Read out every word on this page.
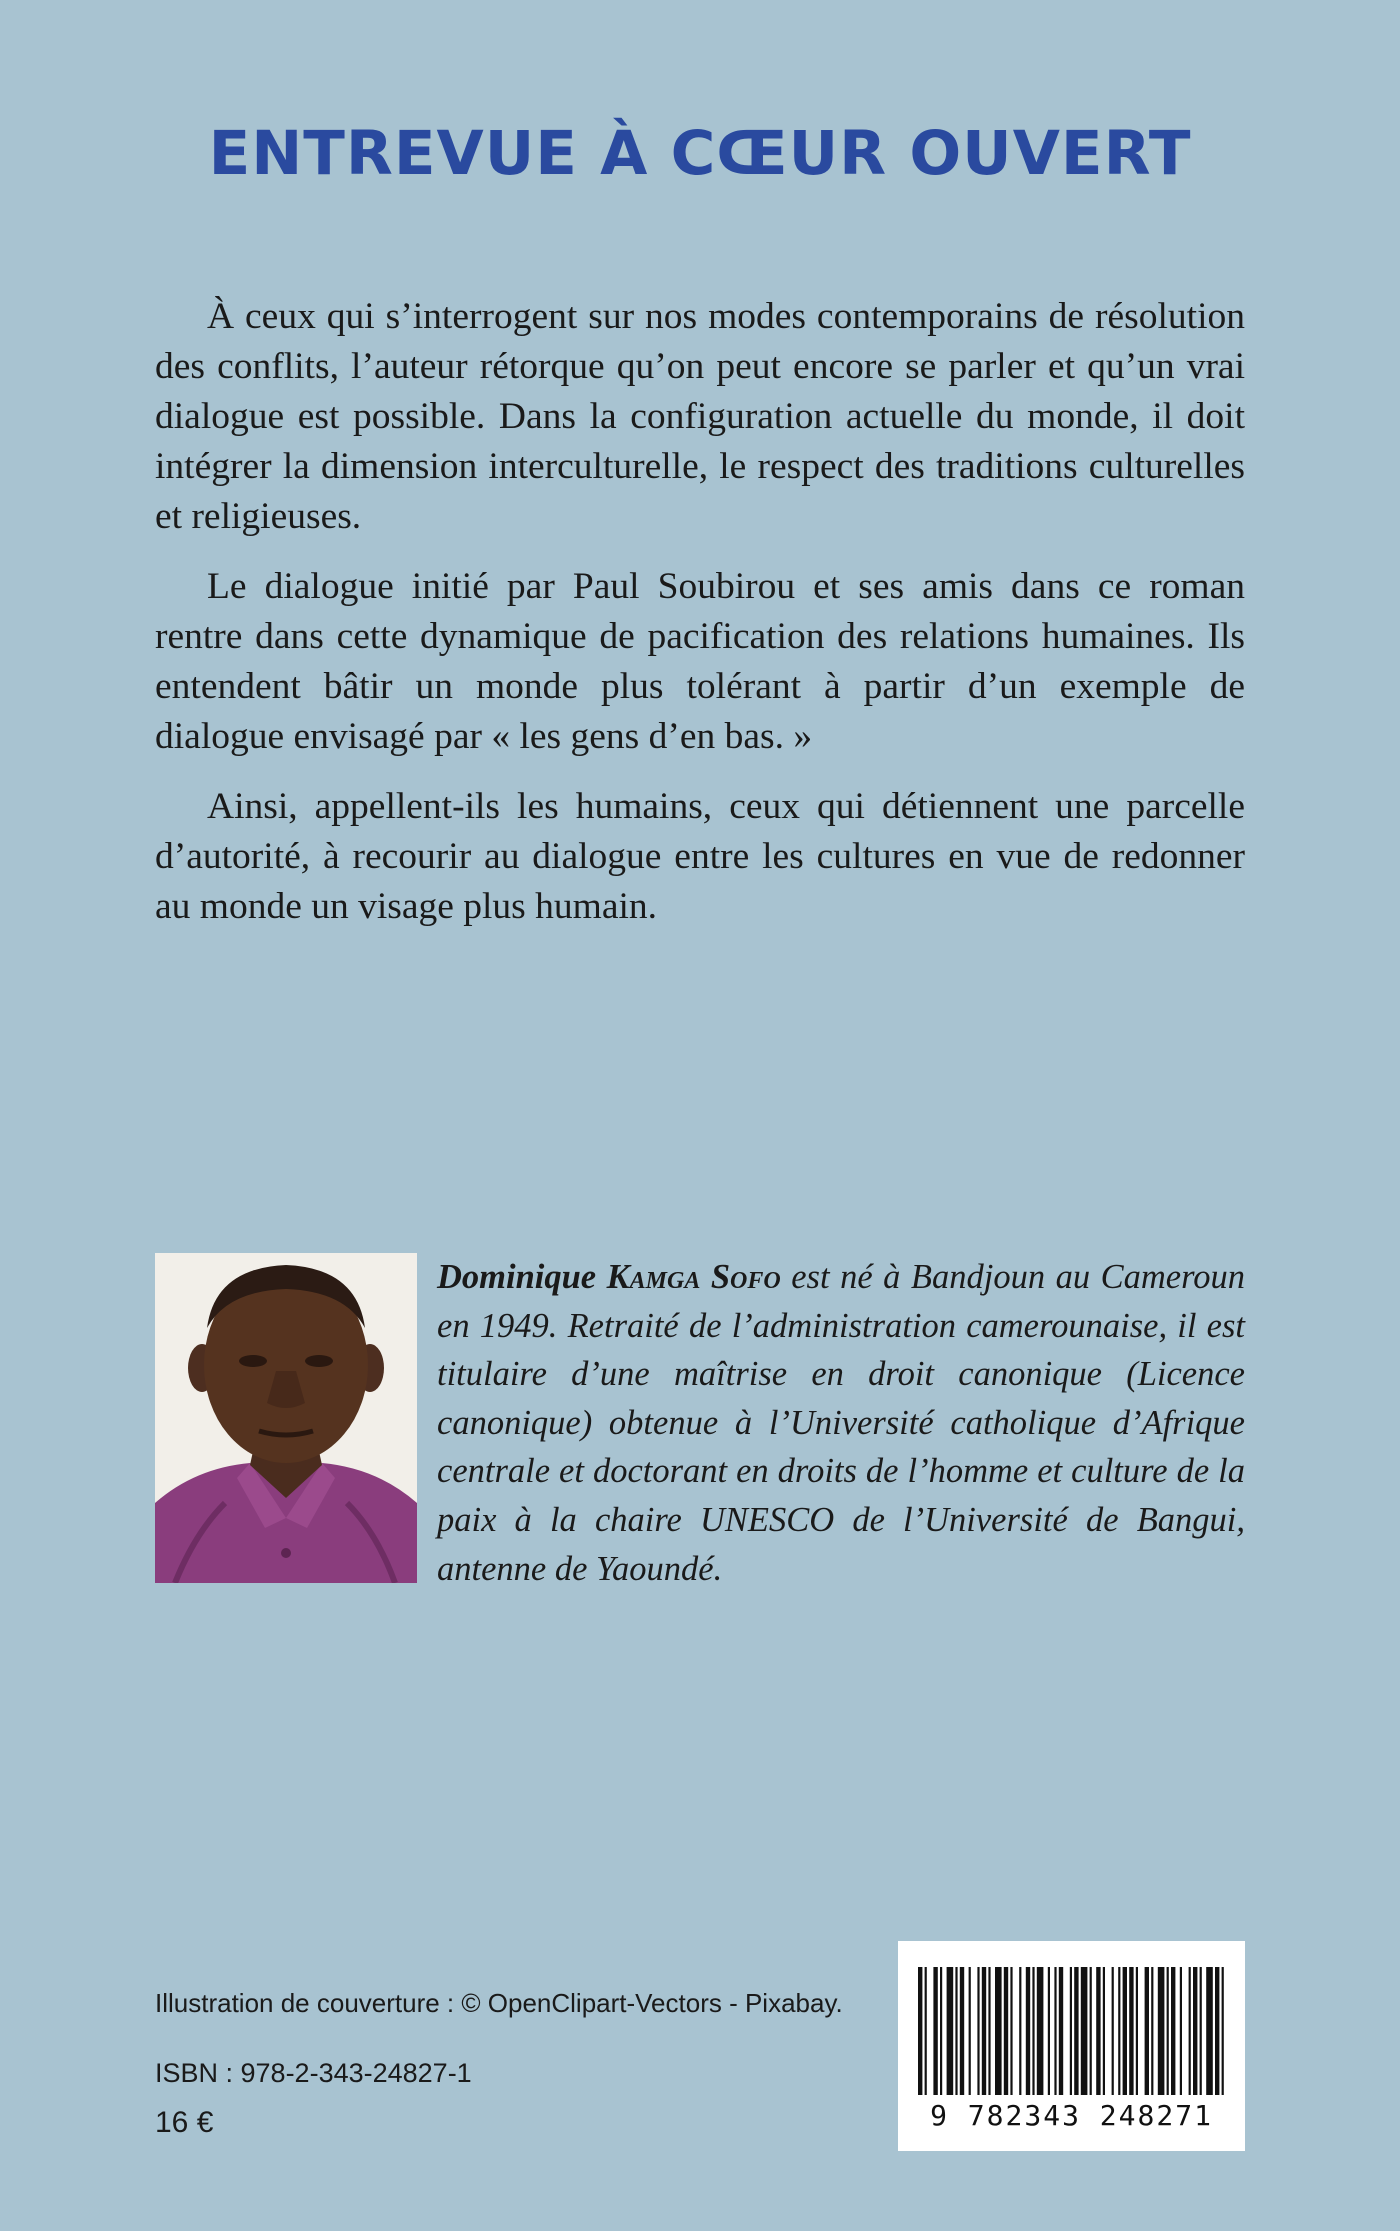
ENTREVUE À CŒUR OUVERT

À ceux qui s’interrogent sur nos modes contemporains de résolution des conflits, l’auteur rétorque qu’on peut encore se parler et qu’un vrai dialogue est possible. Dans la configuration actuelle du monde, il doit intégrer la dimension interculturelle, le respect des traditions culturelles et religieuses.

Le dialogue initié par Paul Soubirou et ses amis dans ce roman rentre dans cette dynamique de pacification des relations humaines. Ils entendent bâtir un monde plus tolérant à partir d’un exemple de dialogue envisagé par « les gens d’en bas. »

Ainsi, appellent-ils les humains, ceux qui détiennent une parcelle d’autorité, à recourir au dialogue entre les cultures en vue de redonner au monde un visage plus humain.

Dominique Kamga Sofo est né à Bandjoun au Cameroun en 1949. Retraité de l’administration camerounaise, il est titulaire d’une maîtrise en droit canonique (Licence canonique) obtenue à l’Université catholique d’Afrique centrale et doctorant en droits de l’homme et culture de la paix à la chaire UNESCO de l’Université de Bangui, antenne de Yaoundé.
Illustration de couverture : © OpenClipart-Vectors - Pixabay.
ISBN : 978-2-343-24827-1
16 €	9 782343 248271
